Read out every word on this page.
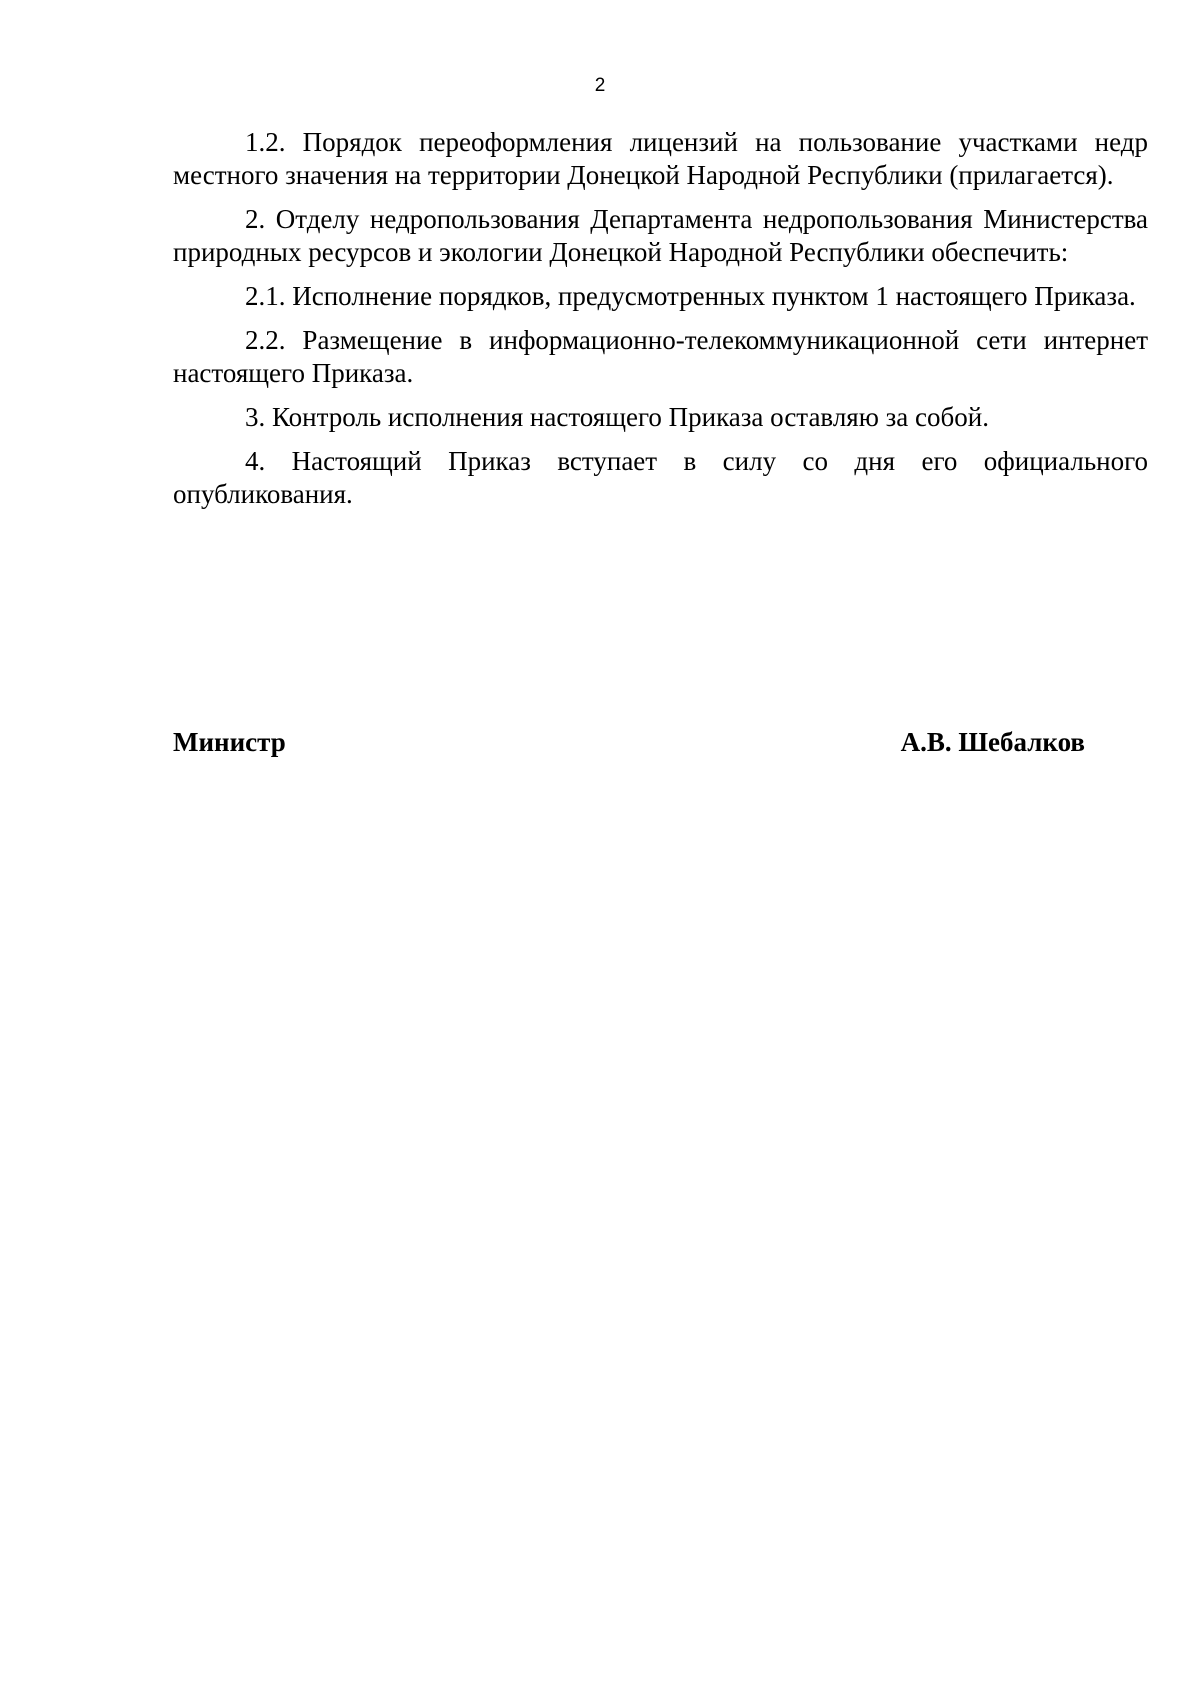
2

1.2. Порядок переоформления лицензий на пользование участками недр местного значения на территории Донецкой Народной Республики (прилагается).

2. Отделу недропользования Департамента недропользования Министерства природных ресурсов и экологии Донецкой Народной Республики обеспечить:

2.1. Исполнение порядков, предусмотренных пунктом 1 настоящего Приказа.

2.2. Размещение в информационно-телекоммуникационной сети интернет настоящего Приказа.

3. Контроль исполнения настоящего Приказа оставляю за собой.

4. Настоящий Приказ вступает в силу со дня его официального опубликования.

Министр	А.В. Шебалков
